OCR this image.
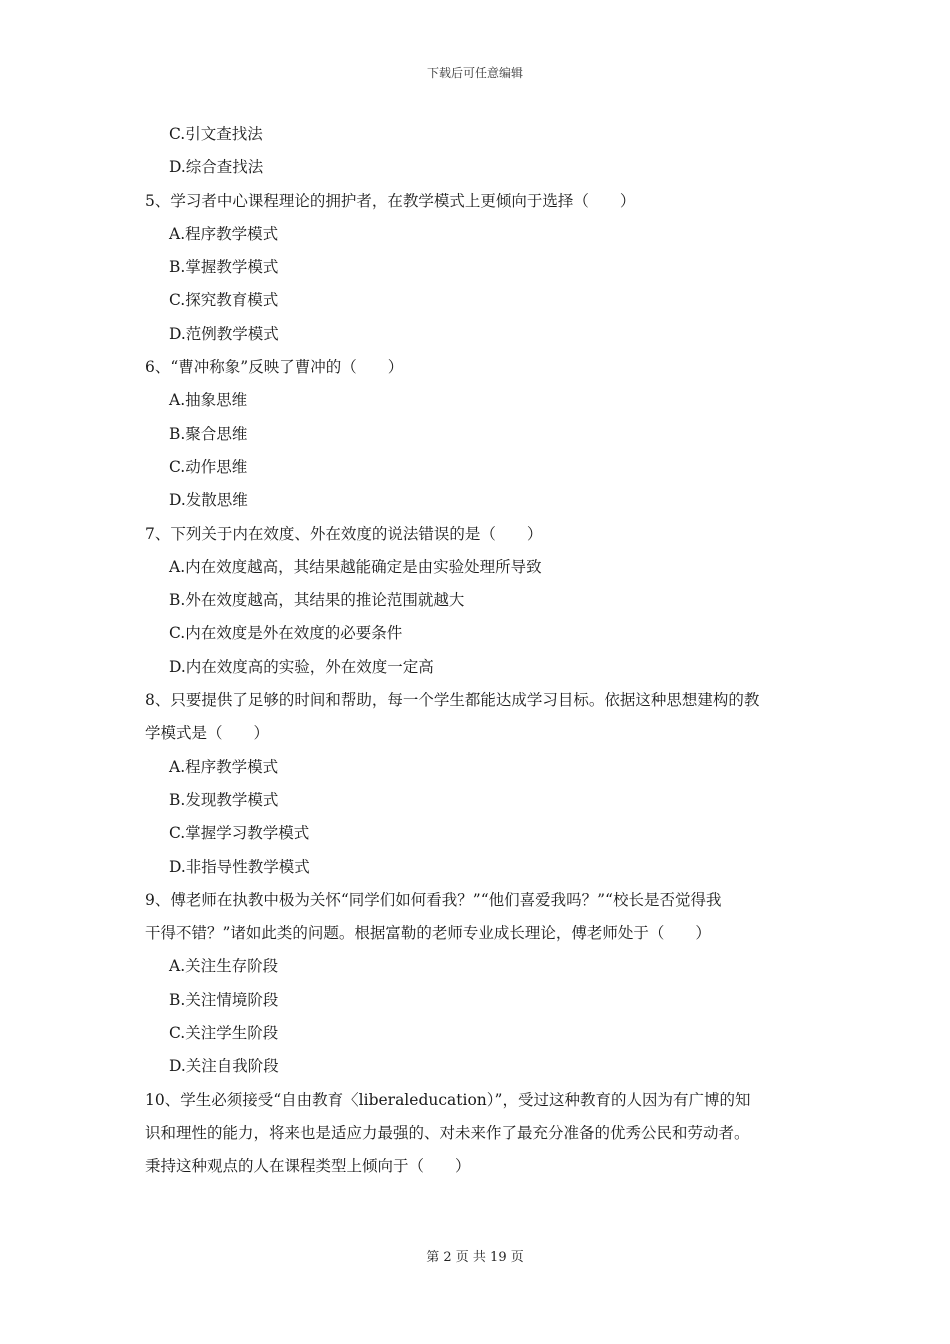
下载后可任意编辑
C.引文查找法
D.综合查找法
5、学习者中心课程理论的拥护者，在教学模式上更倾向于选择（　　）
A.程序教学模式
B.掌握教学模式
C.探究教育模式
D.范例教学模式
6、“曹冲称象”反映了曹冲的（　　）
A.抽象思维
B.聚合思维
C.动作思维
D.发散思维
7、下列关于内在效度、外在效度的说法错误的是（　　）
A.内在效度越高，其结果越能确定是由实验处理所导致
B.外在效度越高，其结果的推论范围就越大
C.内在效度是外在效度的必要条件
D.内在效度高的实验，外在效度一定高
8、只要提供了足够的时间和帮助，每一个学生都能达成学习目标。依据这种思想建构的教
学模式是（　　）
A.程序教学模式
B.发现教学模式
C.掌握学习教学模式
D.非指导性教学模式
9、傅老师在执教中极为关怀“同学们如何看我？”“他们喜爱我吗？”“校长是否觉得我
干得不错？”诸如此类的问题。根据富勒的老师专业成长理论，傅老师处于（　　）
A.关注生存阶段
B.关注情境阶段
C.关注学生阶段
D.关注自我阶段
10、学生必须接受“自由教育〈liberaleducation）”，受过这种教育的人因为有广博的知
识和理性的能力，将来也是适应力最强的、对未来作了最充分准备的优秀公民和劳动者。
秉持这种观点的人在课程类型上倾向于（　　）
第 2 页 共 19 页
